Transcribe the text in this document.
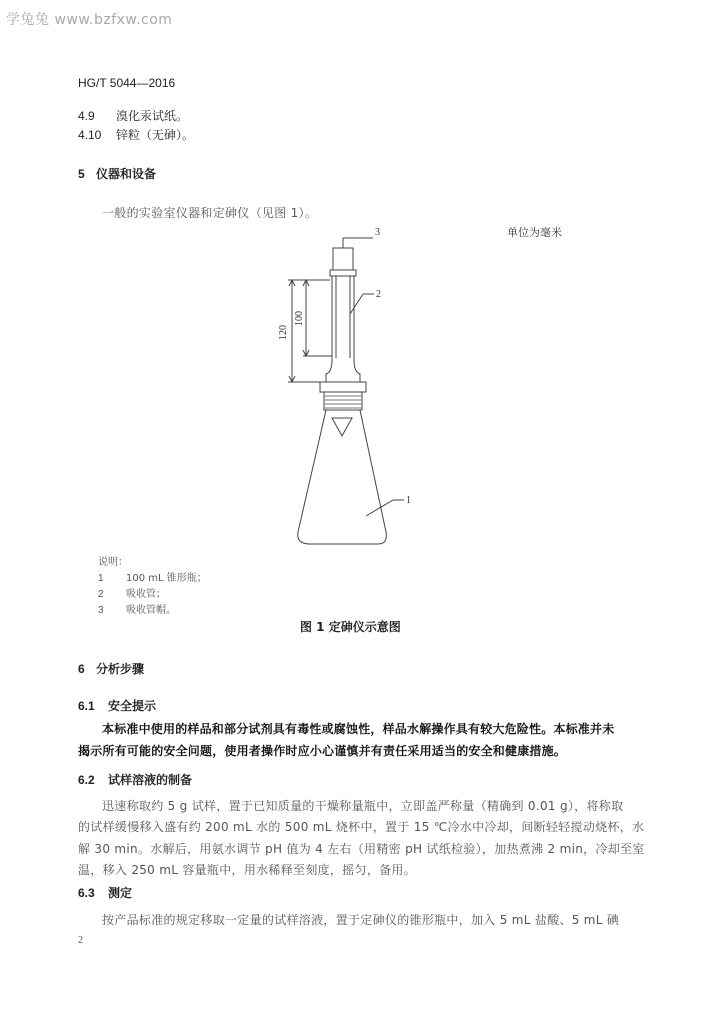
学兔兔 www.bzfxw.com
HG/T 5044—2016
4.9 溴化汞试纸。
4.10 锌粒（无砷）。
5 仪器和设备
一般的实验室仪器和定砷仪（见图 1）。
单位为毫米
3
2
1
120
100
说明：
1 100 mL 锥形瓶；
2 吸收管；
3 吸收管帽。
图 1 定砷仪示意图
6 分析步骤
6.1 安全提示
本标准中使用的样品和部分试剂具有毒性或腐蚀性，样品水解操作具有较大危险性。本标准并未
揭示所有可能的安全问题，使用者操作时应小心谨慎并有责任采用适当的安全和健康措施。
6.2 试样溶液的制备
迅速称取约 5 g 试样，置于已知质量的干燥称量瓶中，立即盖严称量（精确到 0.01 g），将称取
的试样缓慢移入盛有约 200 mL 水的 500 mL 烧杯中，置于 15 ℃冷水中冷却，间断轻轻搅动烧杯，水
解 30 min。水解后，用氨水调节 pH 值为 4 左右（用精密 pH 试纸检验），加热煮沸 2 min，冷却至室
温，移入 250 mL 容量瓶中，用水稀释至刻度，摇匀，备用。
6.3 测定
按产品标准的规定移取一定量的试样溶液，置于定砷仪的锥形瓶中，加入 5 mL 盐酸、5 mL 碘
2
